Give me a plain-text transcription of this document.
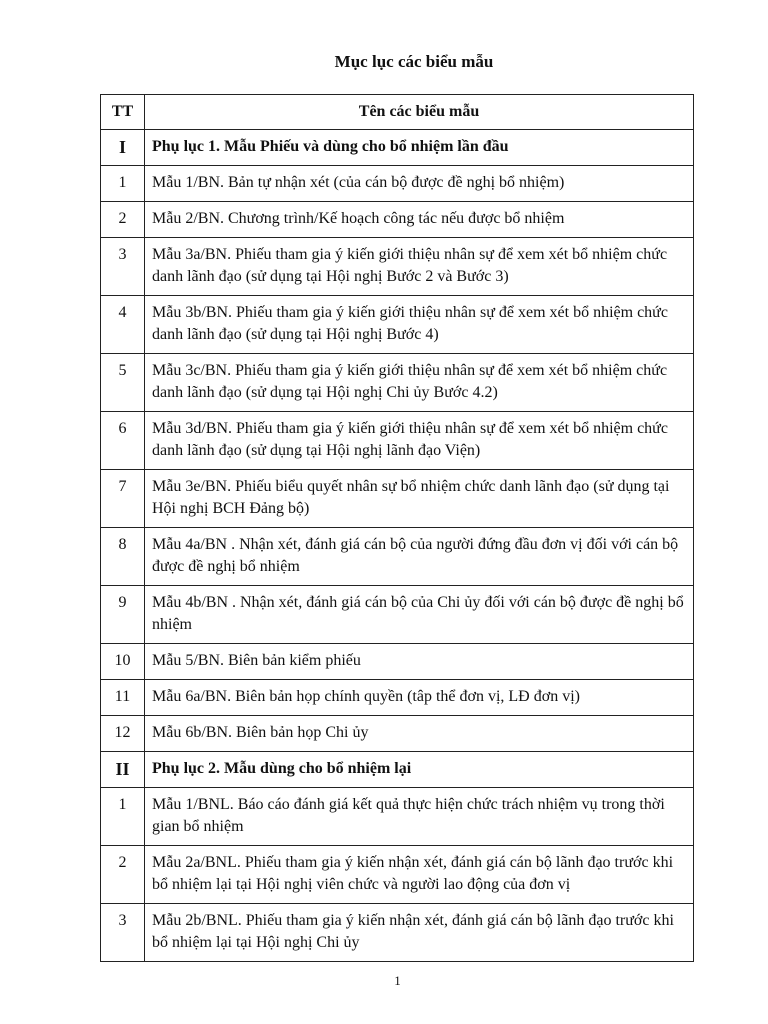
Mục lục các biểu mẫu
TT	Tên các biểu mẫu
I	Phụ lục 1. Mẫu Phiếu và dùng cho bổ nhiệm lần đầu
1	Mẫu 1/BN. Bản tự nhận xét (của cán bộ được đề nghị bổ nhiệm)
2	Mẫu 2/BN. Chương trình/Kế hoạch công tác nếu được bổ nhiệm
3	Mẫu 3a/BN. Phiếu tham gia ý kiến giới thiệu nhân sự để xem xét bổ nhiệm chức danh lãnh đạo (sử dụng tại Hội nghị Bước 2 và Bước 3)
4	Mẫu 3b/BN. Phiếu tham gia ý kiến giới thiệu nhân sự để xem xét bổ nhiệm chức danh lãnh đạo (sử dụng tại Hội nghị Bước 4)
5	Mẫu 3c/BN. Phiếu tham gia ý kiến giới thiệu nhân sự để xem xét bổ nhiệm chức danh lãnh đạo (sử dụng tại Hội nghị Chi ủy Bước 4.2)
6	Mẫu 3d/BN. Phiếu tham gia ý kiến giới thiệu nhân sự để xem xét bổ nhiệm chức danh lãnh đạo (sử dụng tại Hội nghị lãnh đạo Viện)
7	Mẫu 3e/BN. Phiếu biểu quyết nhân sự bổ nhiệm chức danh lãnh đạo (sử dụng tại Hội nghị BCH Đảng bộ)
8	Mẫu 4a/BN . Nhận xét, đánh giá cán bộ của người đứng đầu đơn vị đối với cán bộ được đề nghị bổ nhiệm
9	Mẫu 4b/BN . Nhận xét, đánh giá cán bộ của Chi ủy đối với cán bộ được đề nghị bổ nhiệm
10	Mẫu 5/BN. Biên bản kiểm phiếu
11	Mẫu 6a/BN. Biên bản họp chính quyền (tâp thể đơn vị, LĐ đơn vị)
12	Mẫu 6b/BN. Biên bản họp Chi ủy
II	Phụ lục 2. Mẫu dùng cho bổ nhiệm lại
1	Mẫu 1/BNL. Báo cáo đánh giá kết quả thực hiện chức trách nhiệm vụ trong thời gian bổ nhiệm
2	Mẫu 2a/BNL. Phiếu tham gia ý kiến nhận xét, đánh giá cán bộ lãnh đạo trước khi bổ nhiệm lại tại Hội nghị viên chức và người lao động của đơn vị
3	Mẫu 2b/BNL. Phiếu tham gia ý kiến nhận xét, đánh giá cán bộ lãnh đạo trước khi bổ nhiệm lại tại Hội nghị Chi ủy
1
